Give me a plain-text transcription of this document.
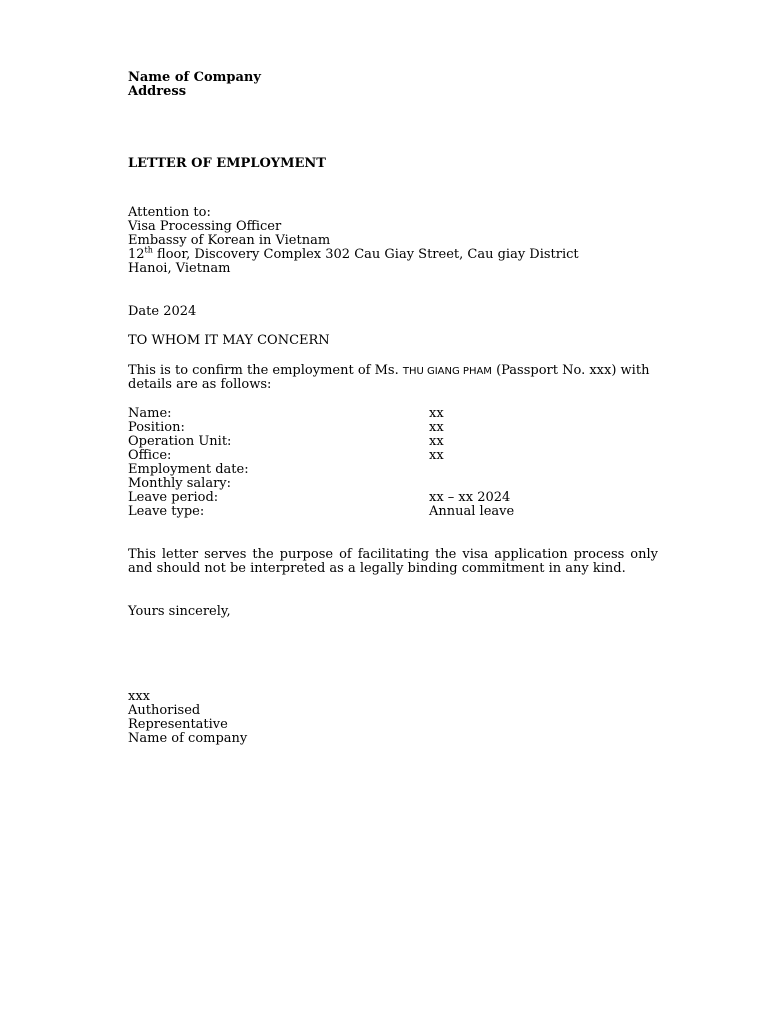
Name of Company
Address
LETTER OF EMPLOYMENT
Attention to:
Visa Processing Officer
Embassy of Korean in Vietnam
12th floor, Discovery Complex 302 Cau Giay Street, Cau giay District
Hanoi, Vietnam
Date 2024
TO WHOM IT MAY CONCERN
This is to confirm the employment of Ms. THU GIANG PHAM (Passport No. xxx) with
details are as follows:
Name:	xx
Position:	xx
Operation Unit:	xx
Office:	xx
Employment date:
Monthly salary:
Leave period:	xx – xx 2024
Leave type:	Annual leave
This letter serves the purpose of facilitating the visa application process only and should not be interpreted as a legally binding commitment in any kind.
Yours sincerely,
xxx
Authorised
Representative
Name of company
